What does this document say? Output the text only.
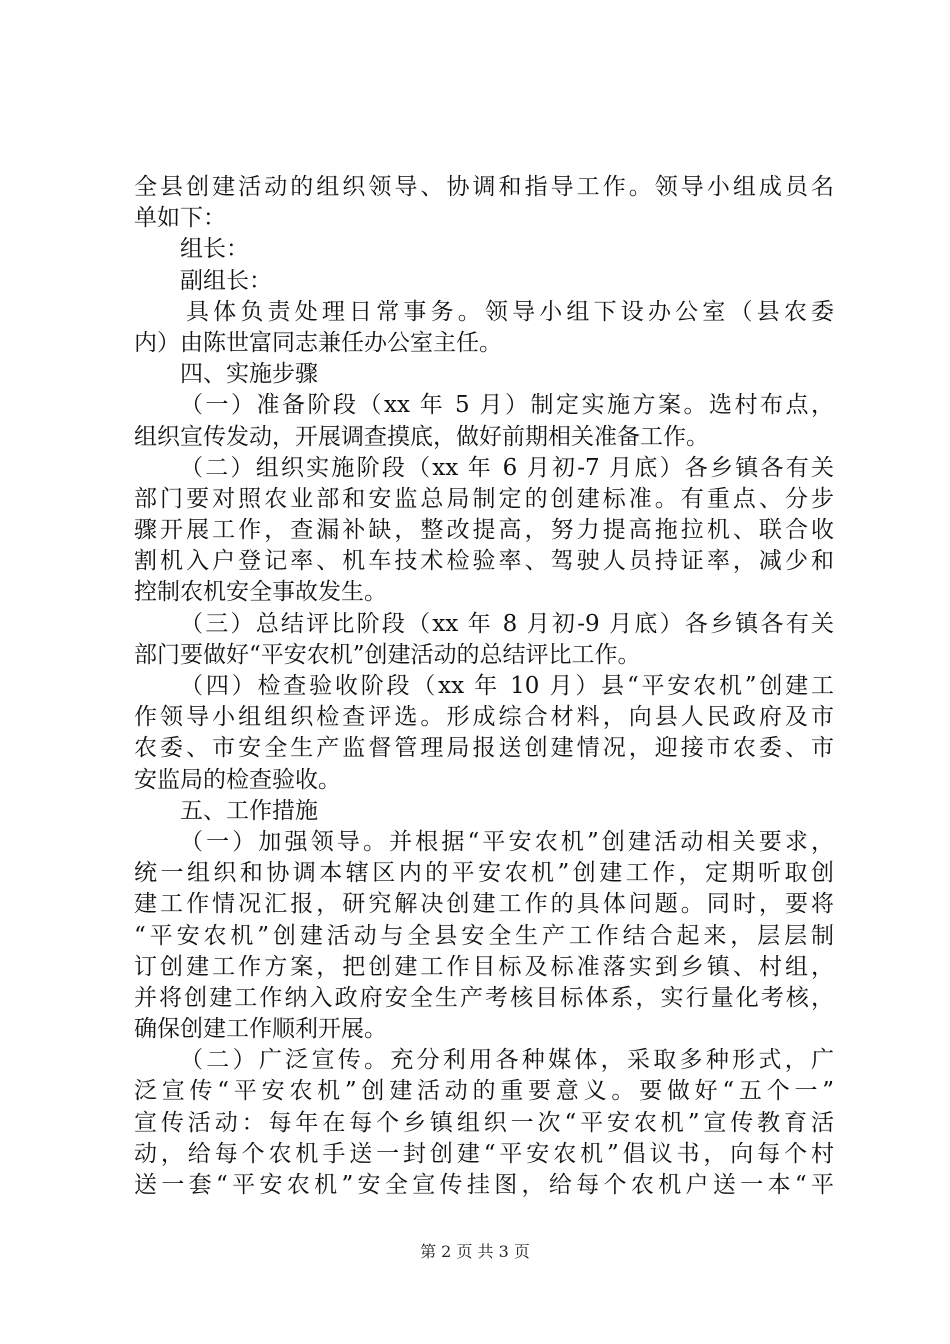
全县创建活动的组织领导、协调和指导工作。领导小组成员名
单如下：
组长：
副组长：
具体负责处理日常事务。领导小组下设办公室（县农委
内）由陈世富同志兼任办公室主任。
四、实施步骤
（一）准备阶段（xx 年 5 月）制定实施方案。选村布点，
组织宣传发动，开展调查摸底，做好前期相关准备工作。
（二）组织实施阶段（xx 年 6 月初-7 月底）各乡镇各有关
部门要对照农业部和安监总局制定的创建标准。有重点、分步
骤开展工作，查漏补缺，整改提高，努力提高拖拉机、联合收
割机入户登记率、机车技术检验率、驾驶人员持证率，减少和
控制农机安全事故发生。
（三）总结评比阶段（xx 年 8 月初-9 月底）各乡镇各有关
部门要做好“平安农机”创建活动的总结评比工作。
（四）检查验收阶段（xx 年 10 月）县“平安农机”创建工
作领导小组组织检查评选。形成综合材料，向县人民政府及市
农委、市安全生产监督管理局报送创建情况，迎接市农委、市
安监局的检查验收。
五、工作措施
（一）加强领导。并根据“平安农机”创建活动相关要求，
统一组织和协调本辖区内的平安农机”创建工作，定期听取创
建工作情况汇报，研究解决创建工作的具体问题。同时，要将
“平安农机”创建活动与全县安全生产工作结合起来，层层制
订创建工作方案，把创建工作目标及标准落实到乡镇、村组，
并将创建工作纳入政府安全生产考核目标体系，实行量化考核，
确保创建工作顺利开展。
（二）广泛宣传。充分利用各种媒体，采取多种形式，广
泛宣传“平安农机”创建活动的重要意义。要做好“五个一”
宣传活动：每年在每个乡镇组织一次“平安农机”宣传教育活
动，给每个农机手送一封创建“平安农机”倡议书，向每个村
送一套“平安农机”安全宣传挂图，给每个农机户送一本“平
第 2 页 共 3 页
